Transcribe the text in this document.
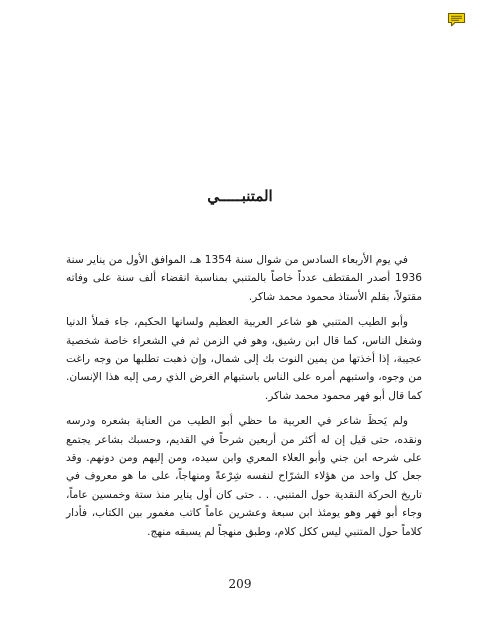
المتنبـــــي

في يوم الأربعاء السادس من شوال سنة 1354 هـ، الموافق الأول من يناير سنة 1936 أصدر المقتطف عدداً خاصاً بالمتنبي بمناسبة انقضاء ألف سنة على وفاته مقتولاً، بقلم الأستاذ محمود محمد شاكر.

وأبو الطيب المتنبي هو شاعر العربية العظيم ولسانها الحكيم، جاء فملأ الدنيا وشغل الناس، كما قال ابن رشيق، وهو في الزمن ثم في الشعراء خاصة شخصية عجيبة، إذا أخذتها من يمين النوت بك إلى شمال، وإن ذهبت تطلبها من وجه راغت من وجوه، واستبهم أمره على الناس باستبهام الغرض الذي رمى إليه هذا الإنسان. كما قال أبو فهر محمود محمد شاكر.

ولم يَحظَ شاعر في العربية ما حظي أبو الطيب من العناية بشعره ودرسه ونقده، حتى قيل إن له أكثر من أربعين شرحاً في القديم، وحسبك بشاعر يجتمع على شرحه ابن جني وأبو العلاء المعري وابن سيده، ومن إليهم ومن دونهم. وقد جعل كل واحد من هؤلاء الشرّاح لنفسه شِرْعةً ومنهاجاً، على ما هو معروف في تاريخ الحركة النقدية حول المتنبي. . . حتى كان أول يناير منذ ستة وخمسين عاماً، وجاء أبو فهر وهو يومئذ ابن سبعة وعشرين عاماً كاتب مغمور بين الكتاب، فأدار كلاماً حول المتنبي ليس ككل كلام، وطبق منهجاً لم يسبقه منهج.

209
